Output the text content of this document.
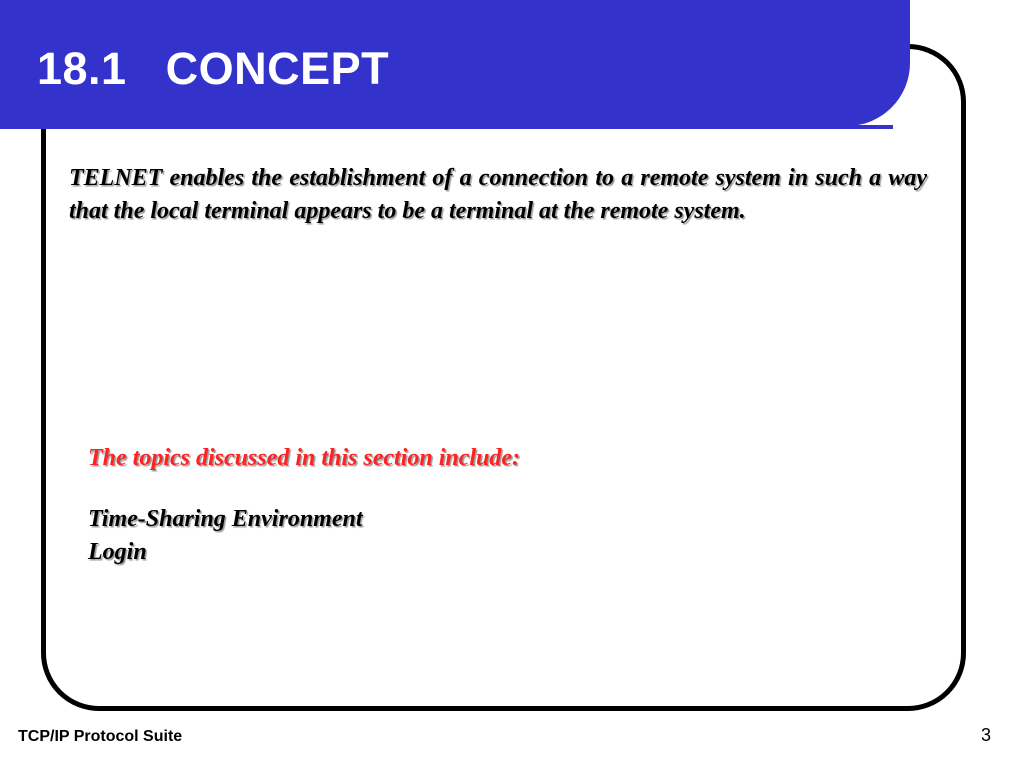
18.1   CONCEPT

TELNET enables the establishment of a connection to a remote system in such a way that the local terminal appears to be a terminal at the remote system.

The topics discussed in this section include:

Time-Sharing Environment
Login
TCP/IP Protocol Suite	3
